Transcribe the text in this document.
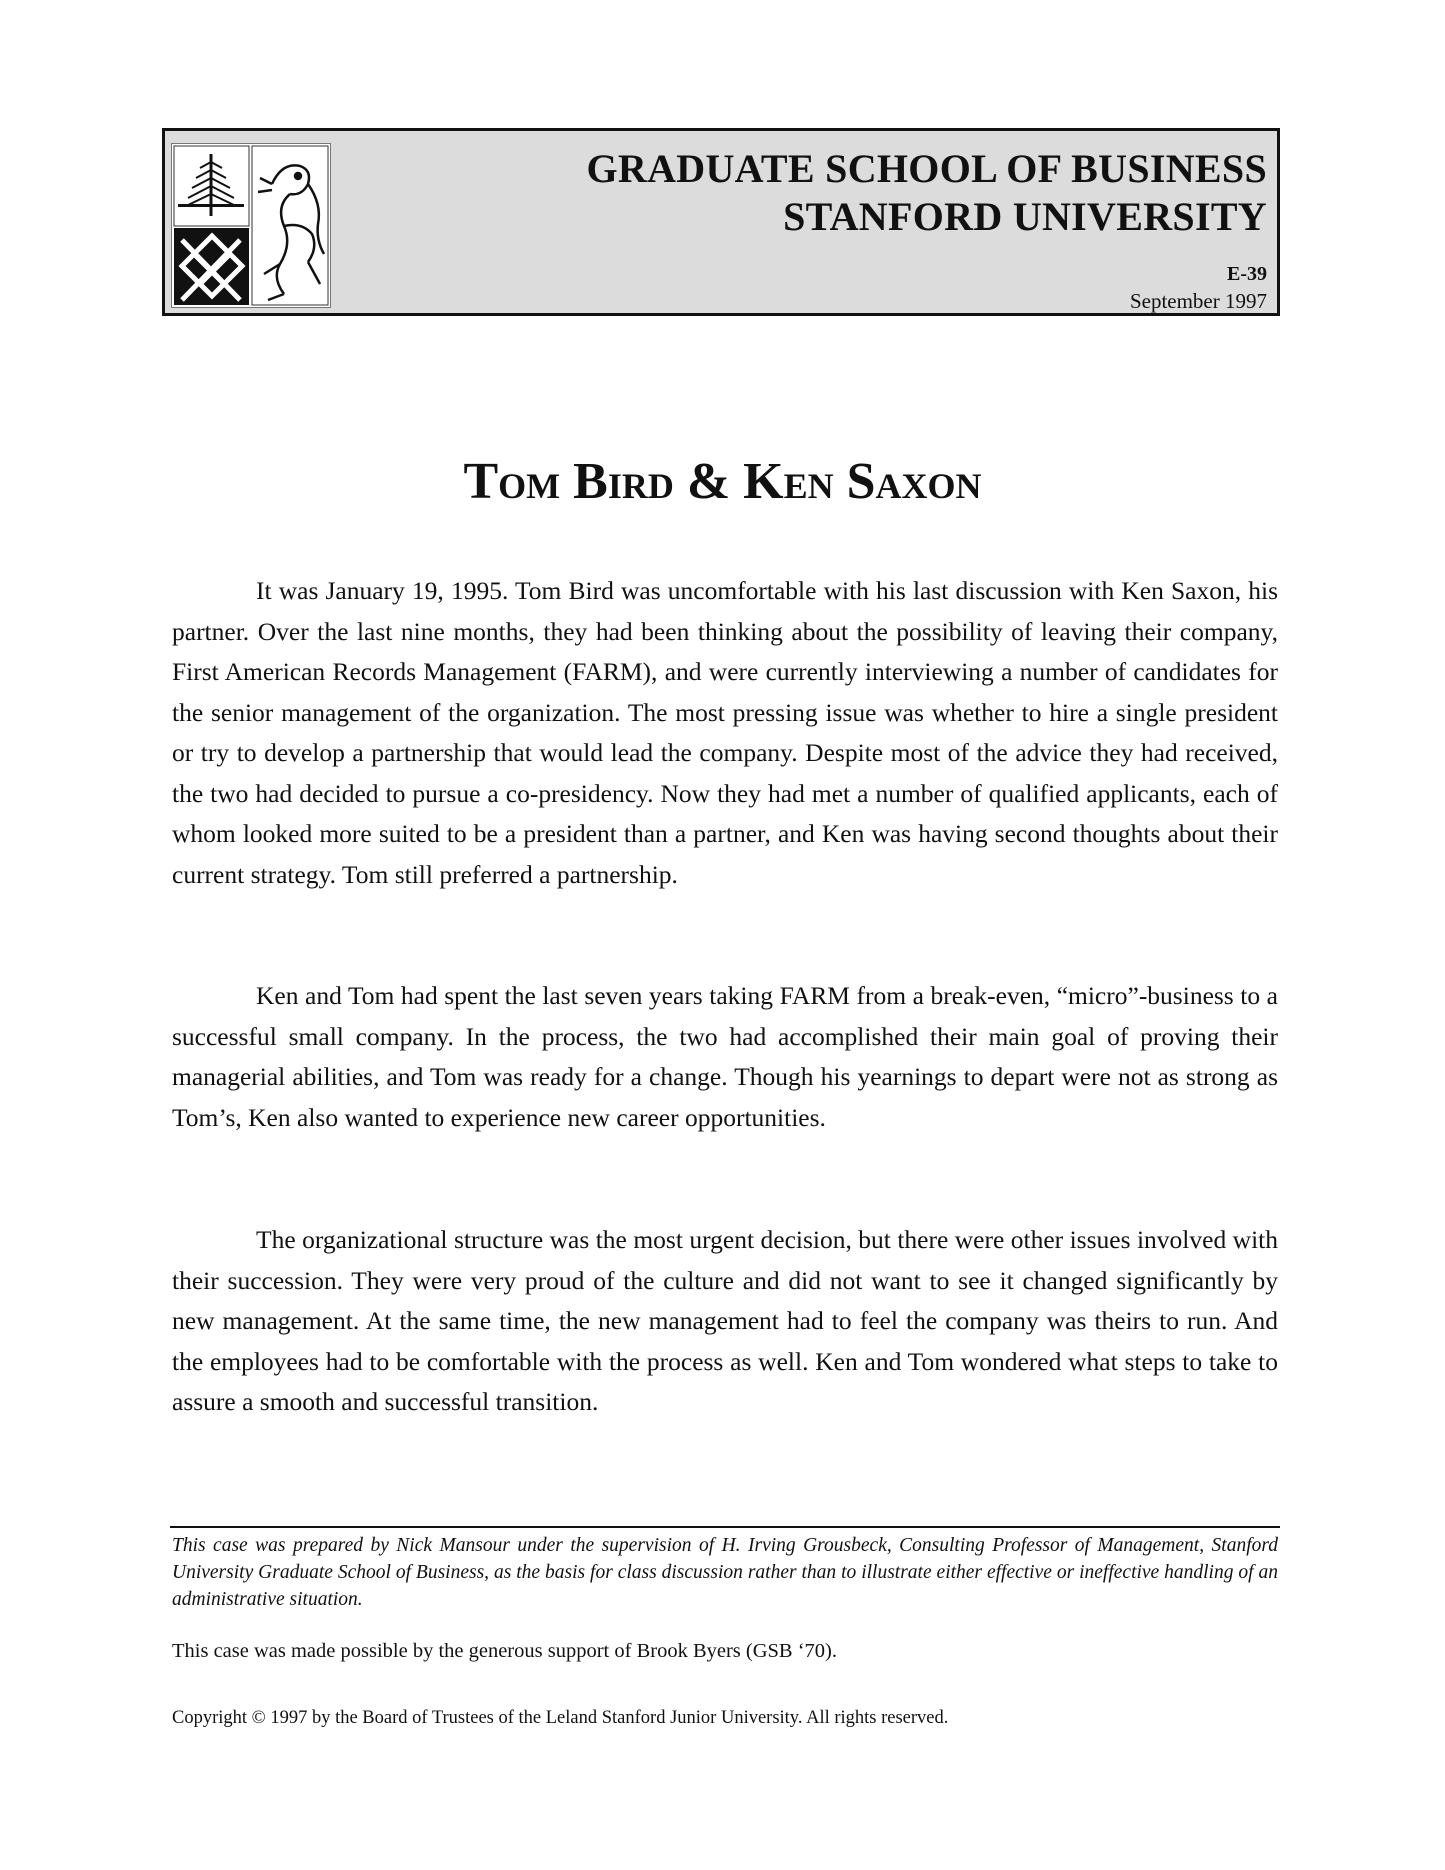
GRADUATE SCHOOL OF BUSINESS
STANFORD UNIVERSITY
E-39
September 1997
Tom Bird & Ken Saxon

It was January 19, 1995. Tom Bird was uncomfortable with his last discussion with Ken Saxon, his partner. Over the last nine months, they had been thinking about the possibility of leaving their company, First American Records Management (FARM), and were currently interviewing a number of candidates for the senior management of the organization. The most pressing issue was whether to hire a single president or try to develop a partnership that would lead the company. Despite most of the advice they had received, the two had decided to pursue a co-presidency. Now they had met a number of qualified applicants, each of whom looked more suited to be a president than a partner, and Ken was having second thoughts about their current strategy. Tom still preferred a partnership.

Ken and Tom had spent the last seven years taking FARM from a break-even, “micro”-business to a successful small company. In the process, the two had accomplished their main goal of proving their managerial abilities, and Tom was ready for a change. Though his yearnings to depart were not as strong as Tom’s, Ken also wanted to experience new career opportunities.

The organizational structure was the most urgent decision, but there were other issues involved with their succession. They were very proud of the culture and did not want to see it changed significantly by new management. At the same time, the new management had to feel the company was theirs to run. And the employees had to be comfortable with the process as well. Ken and Tom wondered what steps to take to assure a smooth and successful transition.

This case was prepared by Nick Mansour under the supervision of H. Irving Grousbeck, Consulting Professor of Management, Stanford University Graduate School of Business, as the basis for class discussion rather than to illustrate either effective or ineffective handling of an administrative situation.
This case was made possible by the generous support of Brook Byers (GSB ‘70).
Copyright © 1997 by the Board of Trustees of the Leland Stanford Junior University. All rights reserved.
